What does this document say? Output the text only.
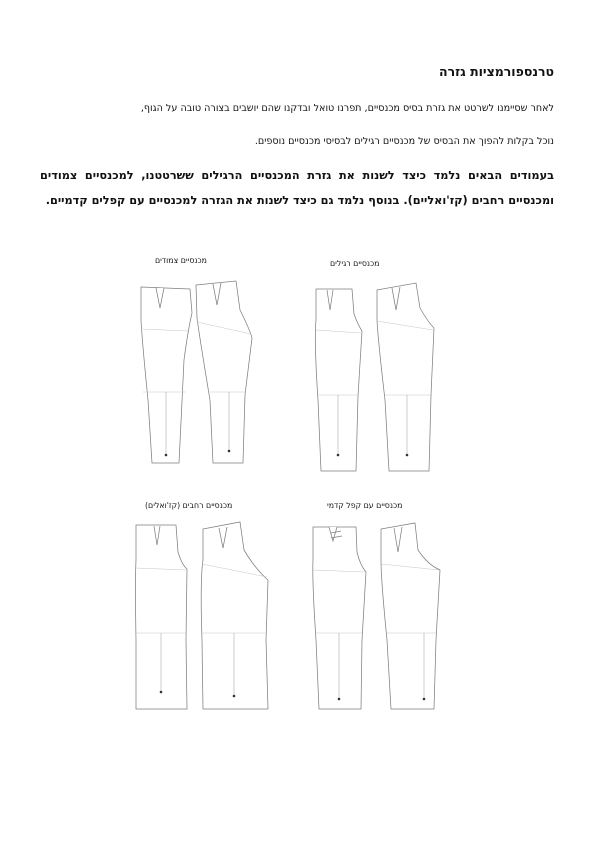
טרנספורמציות גזרה
לאחר שסיימנו לשרטט את גזרת בסיס מכנסיים, תפרנו טואל ובדקנו שהם יושבים בצורה טובה על הגוף,
נוכל בקלות להפוך את הבסיס של מכנסיים רגילים לבסיסי מכנסיים נוספים.
בעמודים הבאים נלמד כיצד לשנות את גזרת המכנסיים הרגילים ששרטטנו, למכנסיים צמודים ומכנסיים רחבים (קז'ואליים). בנוסף נלמד גם כיצד לשנות את הגזרה למכנסיים עם קפלים קדמיים.
מכנסיים צמודים	מכנסיים רגילים
מכנסיים רחבים (קז'ואלים)	מכנסיים עם קפל קדמי
